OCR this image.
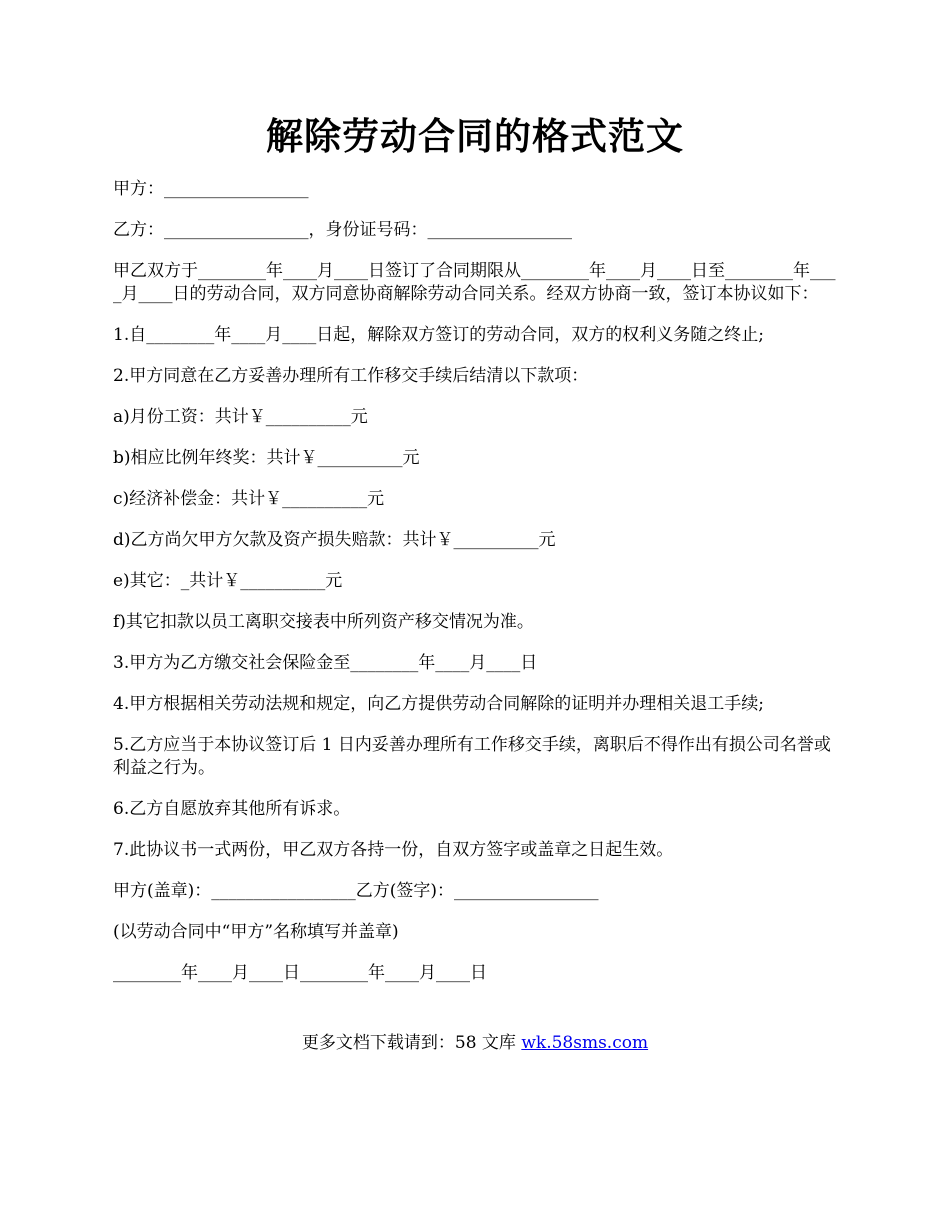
解除劳动合同的格式范文

甲方：_________________

乙方：_________________，身份证号码：_________________

甲乙双方于________年____月____日签订了合同期限从________年____月____日至________年____月____日的劳动合同，双方同意协商解除劳动合同关系。经双方协商一致，签订本协议如下：

1.自________年____月____日起，解除双方签订的劳动合同，双方的权利义务随之终止;

2.甲方同意在乙方妥善办理所有工作移交手续后结清以下款项：

a)月份工资：共计￥__________元

b)相应比例年终奖：共计￥__________元

c)经济补偿金：共计￥__________元

d)乙方尚欠甲方欠款及资产损失赔款：共计￥__________元

e)其它：_共计￥__________元

f)其它扣款以员工离职交接表中所列资产移交情况为准。

3.甲方为乙方缴交社会保险金至________年____月____日

4.甲方根据相关劳动法规和规定，向乙方提供劳动合同解除的证明并办理相关退工手续;

5.乙方应当于本协议签订后 1 日内妥善办理所有工作移交手续，离职后不得作出有损公司名誉或利益之行为。

6.乙方自愿放弃其他所有诉求。

7.此协议书一式两份，甲乙双方各持一份，自双方签字或盖章之日起生效。

甲方(盖章)：_________________乙方(签字)：_________________

(以劳动合同中“甲方”名称填写并盖章)

________年____月____日________年____月____日

更多文档下载请到：58 文库 wk.58sms.com
